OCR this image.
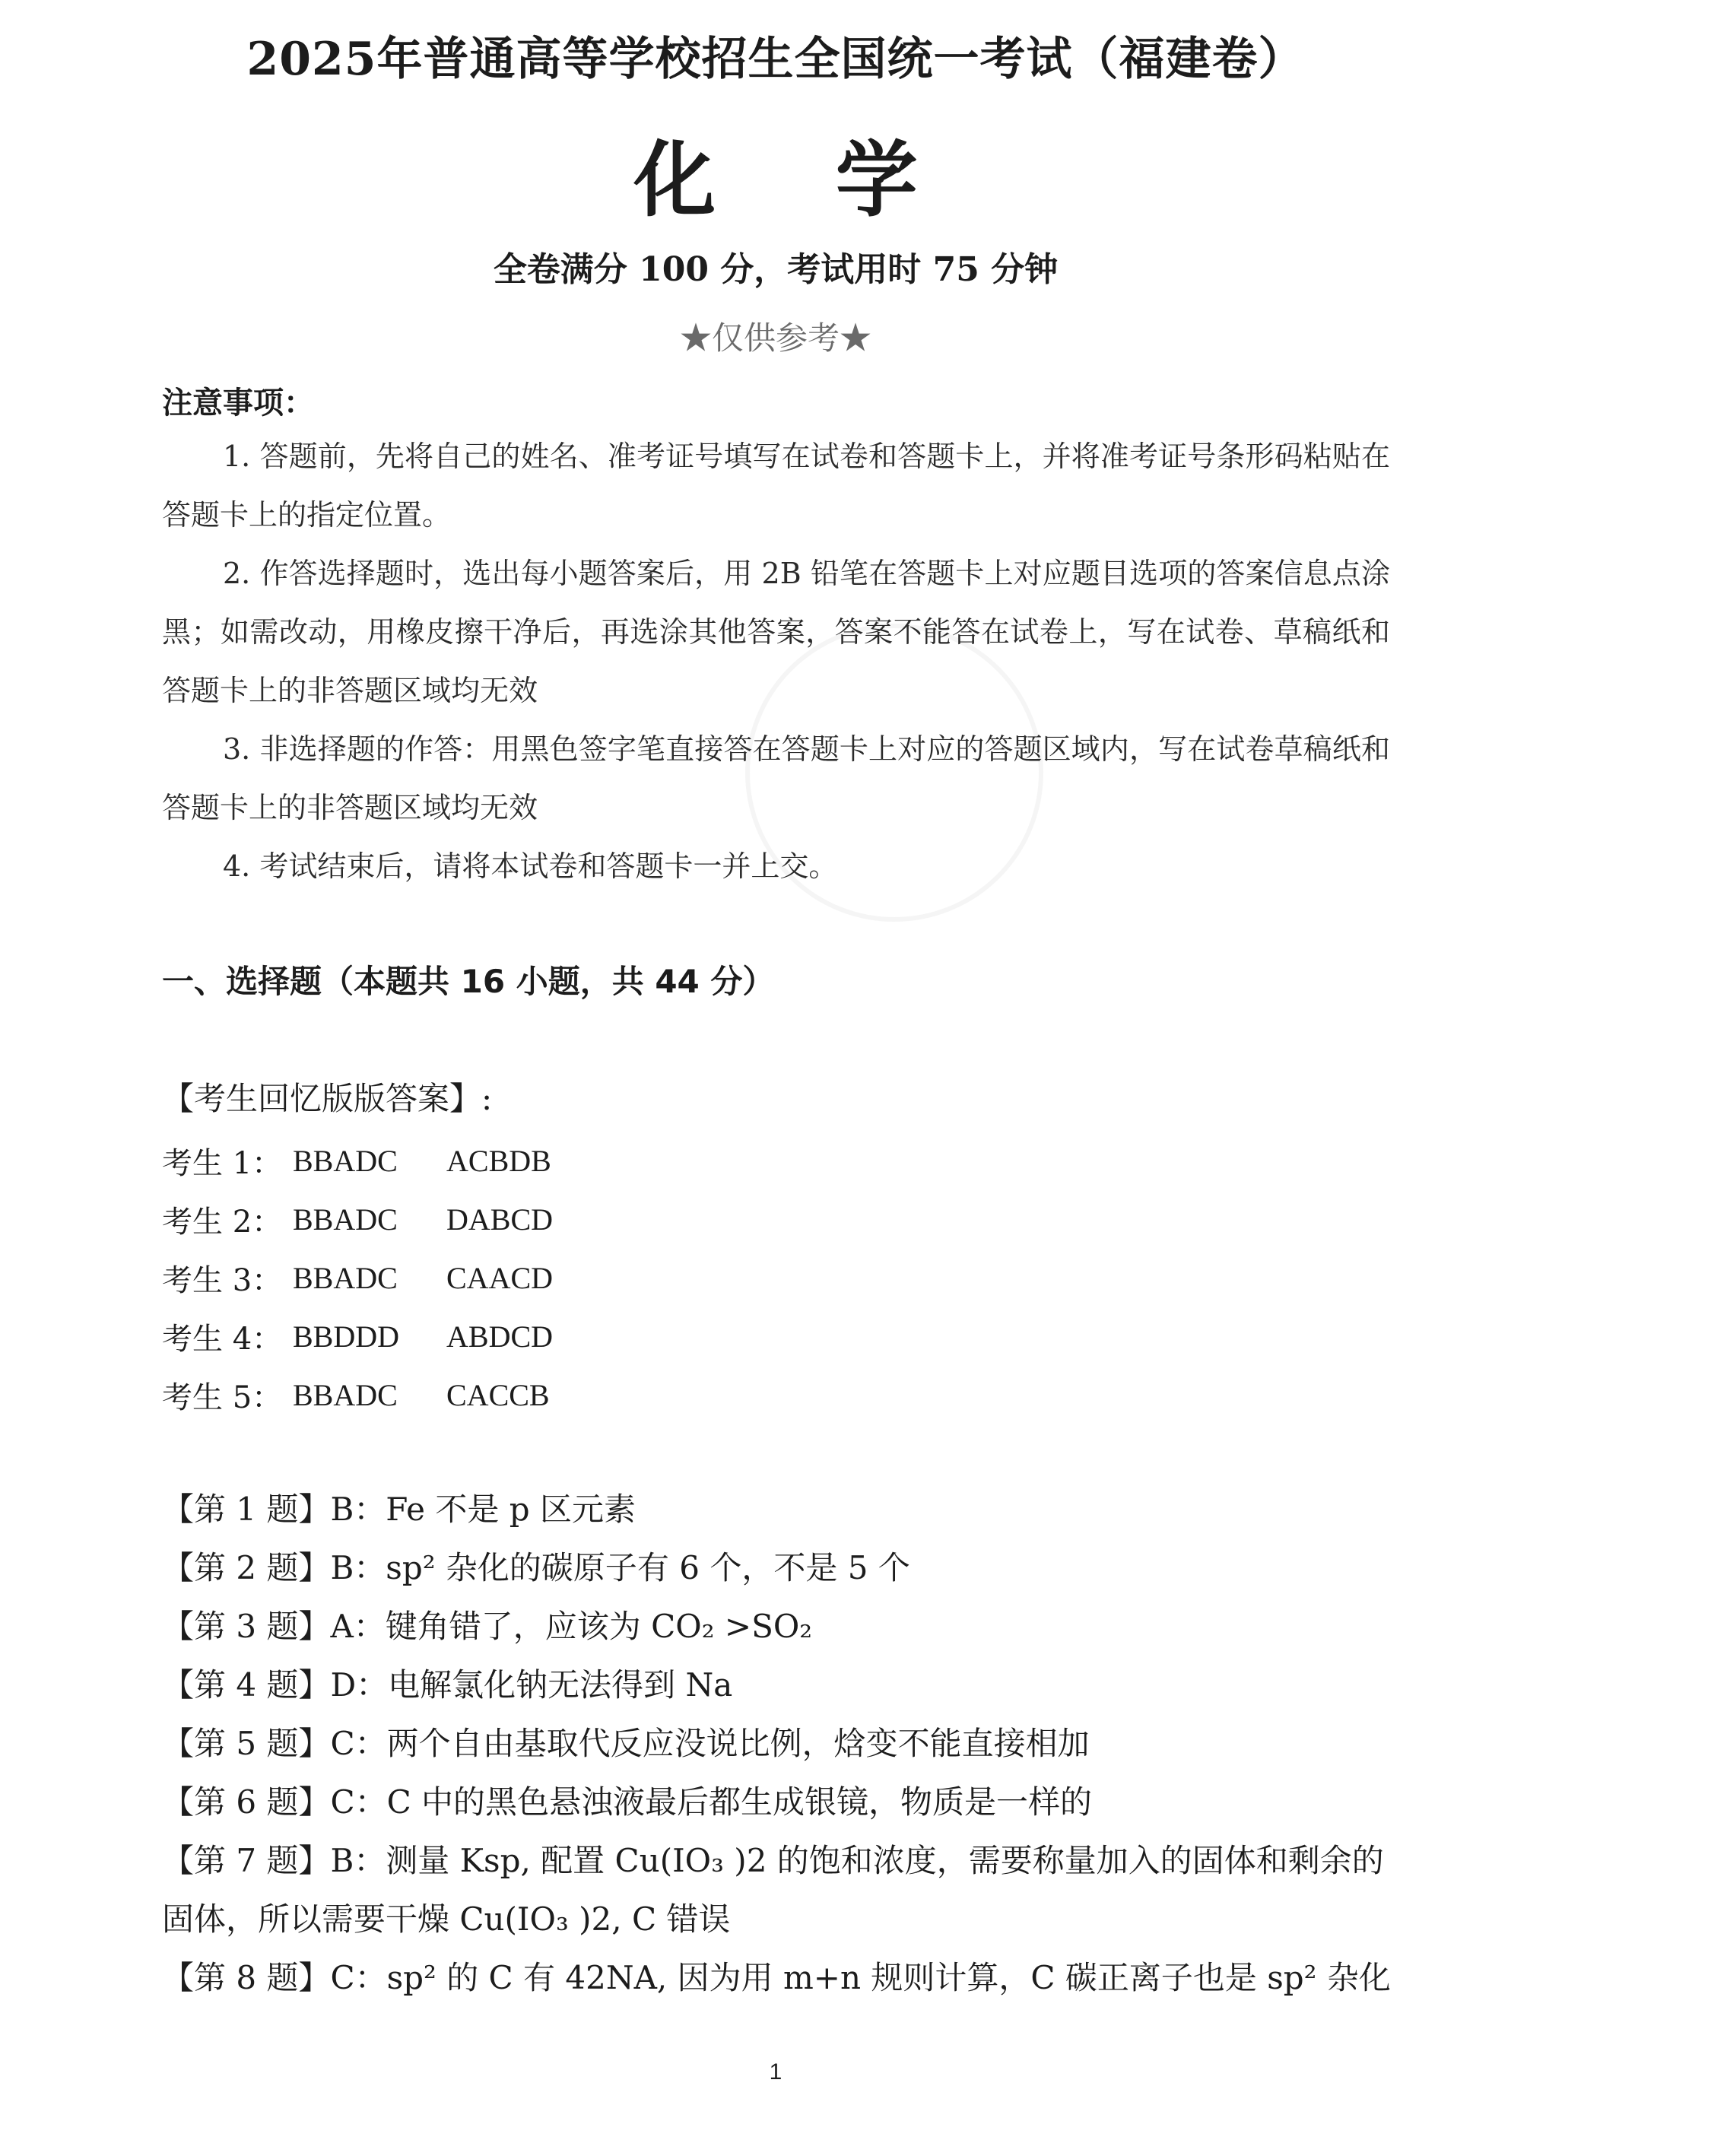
2025年普通高等学校招生全国统一考试（福建卷）
化 学
全卷满分 100 分，考试用时 75 分钟
★仅供参考★
注意事项：

1. 答题前，先将自己的姓名、准考证号填写在试卷和答题卡上，并将准考证号条形码粘贴在答题卡上的指定位置。

2. 作答选择题时，选出每小题答案后，用 2B 铅笔在答题卡上对应题目选项的答案信息点涂黑；如需改动，用橡皮擦干净后，再选涂其他答案，答案不能答在试卷上，写在试卷、草稿纸和答题卡上的非答题区域均无效

3. 非选择题的作答：用黑色签字笔直接答在答题卡上对应的答题区域内，写在试卷草稿纸和答题卡上的非答题区域均无效

4. 考试结束后，请将本试卷和答题卡一并上交。

一、选择题（本题共 16 小题，共 44 分）
【考生回忆版版答案】:
考生 1： BBADC	ACBDB
考生 2： BBADC	DABCD
考生 3： BBADC	CAACD
考生 4： BBDDD	ABDCD
考生 5： BBADC	CACCB

【第 1 题】B：Fe 不是 p 区元素

【第 2 题】B：sp² 杂化的碳原子有 6 个，不是 5 个

【第 3 题】A：键角错了，应该为 CO₂ >SO₂

【第 4 题】D：电解氯化钠无法得到 Na

【第 5 题】C：两个自由基取代反应没说比例，焓变不能直接相加

【第 6 题】C：C 中的黑色悬浊液最后都生成银镜，物质是一样的

【第 7 题】B：测量 Ksp, 配置 Cu(IO₃ )2 的饱和浓度，需要称量加入的固体和剩余的固体，所以需要干燥 Cu(IO₃ )2, C 错误

【第 8 题】C：sp² 的 C 有 42NA, 因为用 m+n 规则计算，C 碳正离子也是 sp² 杂化

1
